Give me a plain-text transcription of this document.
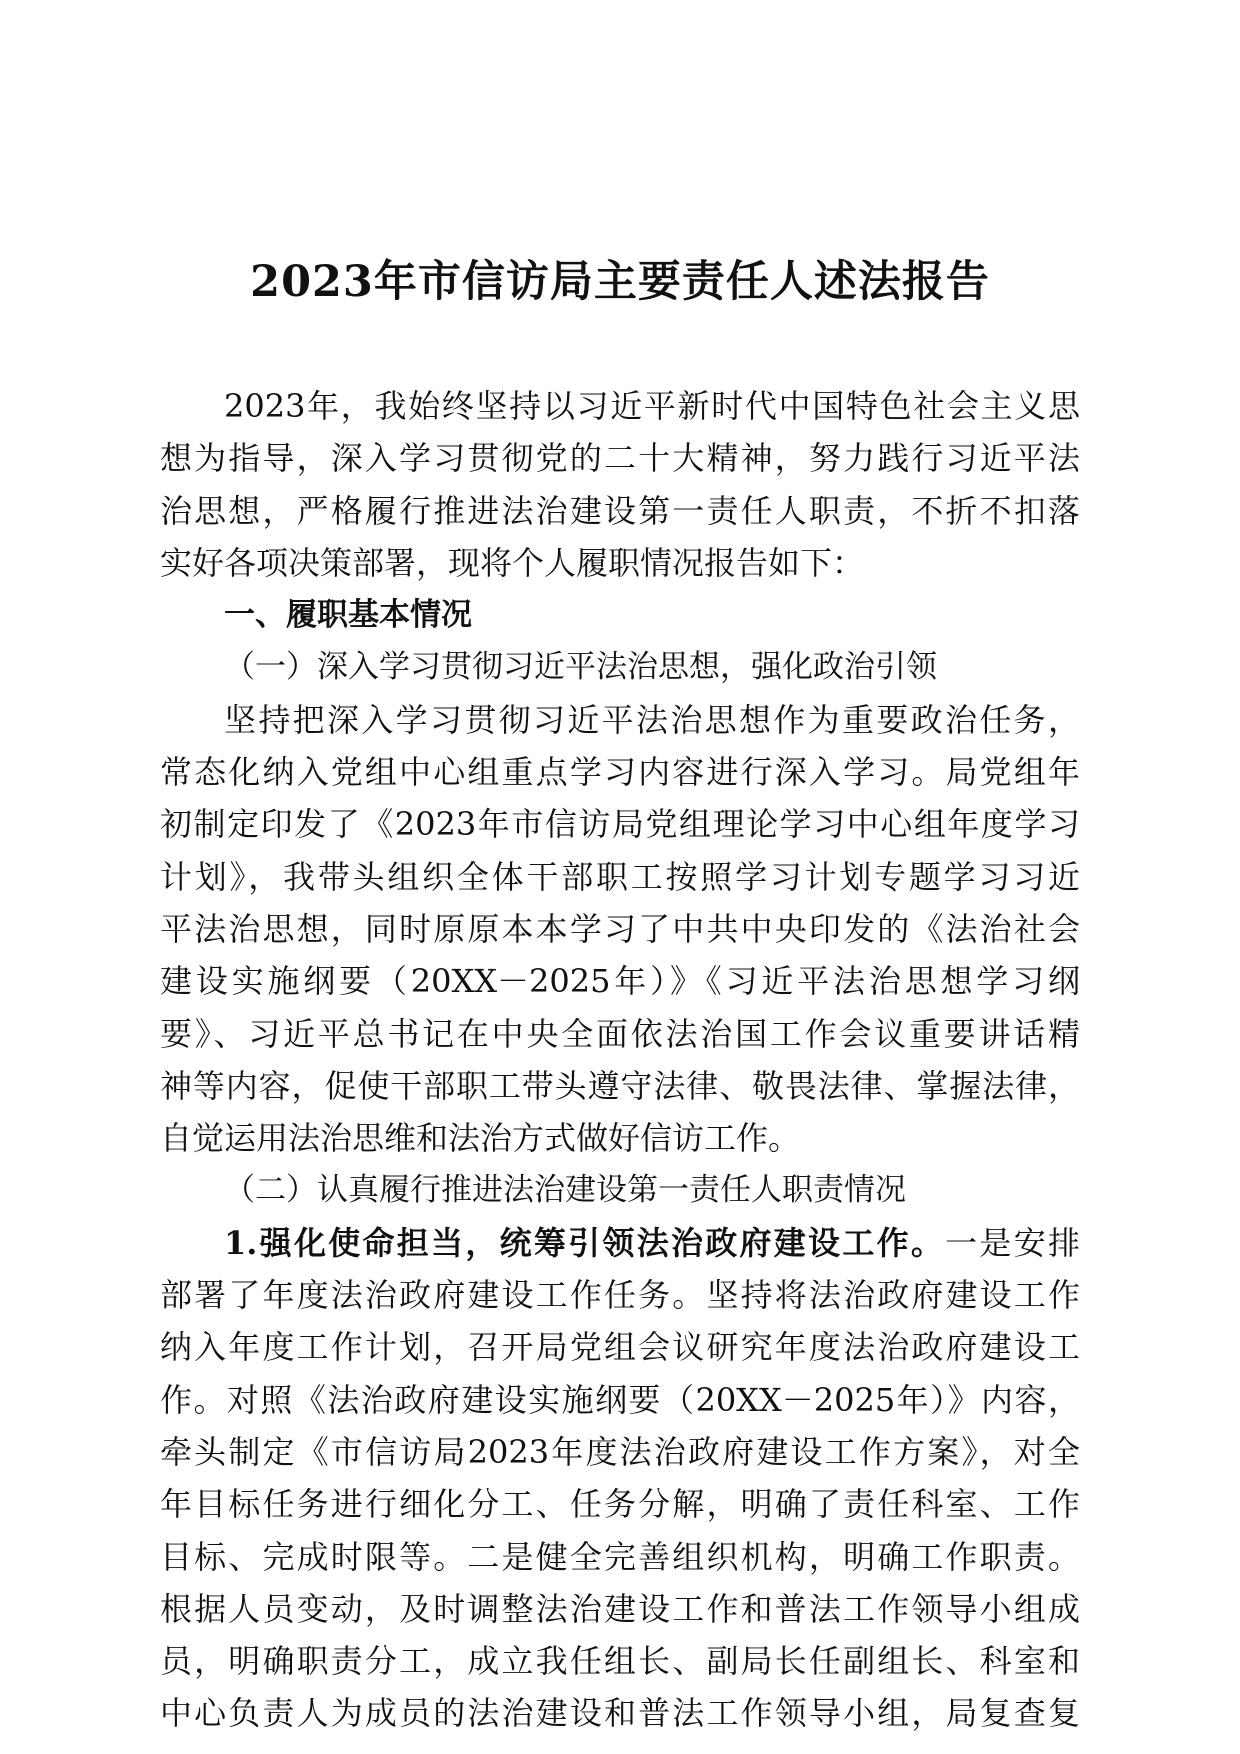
2023年市信访局主要责任人述法报告
2023年，我始终坚持以习近平新时代中国特色社会主义思
想为指导，深入学习贯彻党的二十大精神，努力践行习近平法
治思想，严格履行推进法治建设第一责任人职责，不折不扣落
实好各项决策部署，现将个人履职情况报告如下：
一、履职基本情况
（一）深入学习贯彻习近平法治思想，强化政治引领
坚持把深入学习贯彻习近平法治思想作为重要政治任务，
常态化纳入党组中心组重点学习内容进行深入学习。局党组年
初制定印发了《2023年市信访局党组理论学习中心组年度学习
计划》，我带头组织全体干部职工按照学习计划专题学习习近
平法治思想，同时原原本本学习了中共中央印发的《法治社会
建设实施纲要（20XX－2025年）》《习近平法治思想学习纲
要》、习近平总书记在中央全面依法治国工作会议重要讲话精
神等内容，促使干部职工带头遵守法律、敬畏法律、掌握法律，
自觉运用法治思维和法治方式做好信访工作。
（二）认真履行推进法治建设第一责任人职责情况
1.强化使命担当，统筹引领法治政府建设工作。一是安排
部署了年度法治政府建设工作任务。坚持将法治政府建设工作
纳入年度工作计划，召开局党组会议研究年度法治政府建设工
作。对照《法治政府建设实施纲要（20XX－2025年）》内容，
牵头制定《市信访局2023年度法治政府建设工作方案》，对全
年目标任务进行细化分工、任务分解，明确了责任科室、工作
目标、完成时限等。二是健全完善组织机构，明确工作职责。
根据人员变动，及时调整法治建设工作和普法工作领导小组成
员，明确职责分工，成立我任组长、副局长任副组长、科室和
中心负责人为成员的法治建设和普法工作领导小组，局复查复
